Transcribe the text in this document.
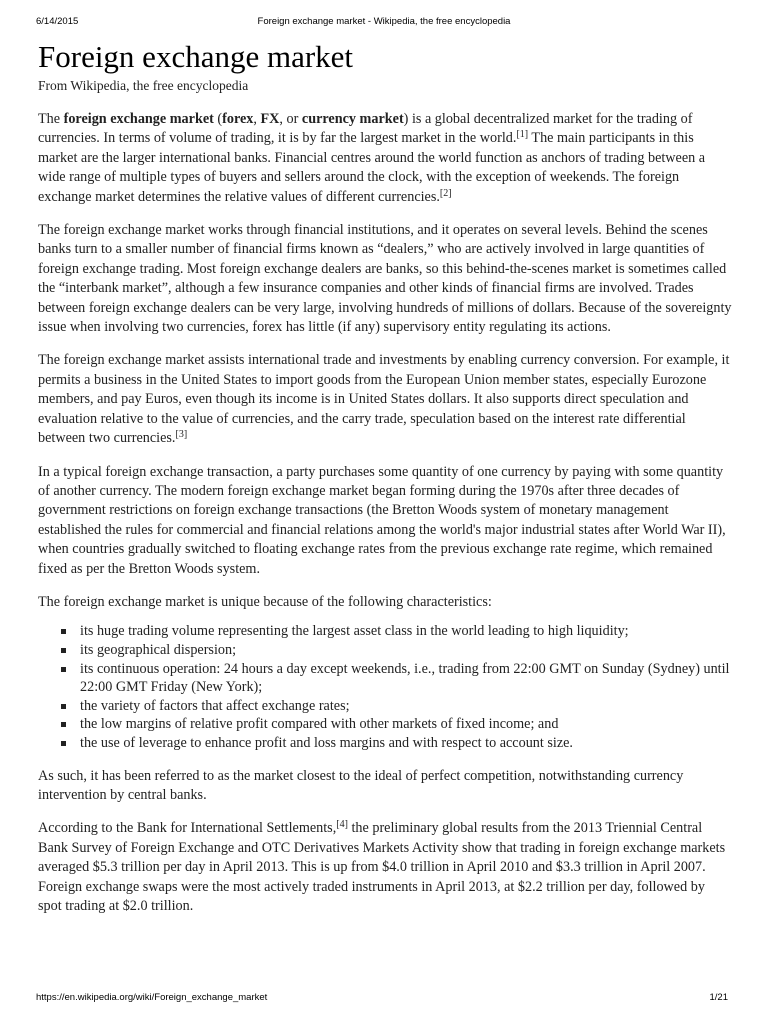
6/14/2015	Foreign exchange market - Wikipedia, the free encyclopedia
Foreign exchange market
From Wikipedia, the free encyclopedia

The foreign exchange market (forex, FX, or currency market) is a global decentralized market for the trading of currencies. In terms of volume of trading, it is by far the largest market in the world.[1] The main participants in this market are the larger international banks. Financial centres around the world function as anchors of trading between a wide range of multiple types of buyers and sellers around the clock, with the exception of weekends. The foreign exchange market determines the relative values of different currencies.[2]

The foreign exchange market works through financial institutions, and it operates on several levels. Behind the scenes banks turn to a smaller number of financial firms known as “dealers,” who are actively involved in large quantities of foreign exchange trading. Most foreign exchange dealers are banks, so this behind-the-scenes market is sometimes called the “interbank market”, although a few insurance companies and other kinds of financial firms are involved. Trades between foreign exchange dealers can be very large, involving hundreds of millions of dollars. Because of the sovereignty issue when involving two currencies, forex has little (if any) supervisory entity regulating its actions.

The foreign exchange market assists international trade and investments by enabling currency conversion. For example, it permits a business in the United States to import goods from the European Union member states, especially Eurozone members, and pay Euros, even though its income is in United States dollars. It also supports direct speculation and evaluation relative to the value of currencies, and the carry trade, speculation based on the interest rate differential between two currencies.[3]

In a typical foreign exchange transaction, a party purchases some quantity of one currency by paying with some quantity of another currency. The modern foreign exchange market began forming during the 1970s after three decades of government restrictions on foreign exchange transactions (the Bretton Woods system of monetary management established the rules for commercial and financial relations among the world's major industrial states after World War II), when countries gradually switched to floating exchange rates from the previous exchange rate regime, which remained fixed as per the Bretton Woods system.

The foreign exchange market is unique because of the following characteristics:

its huge trading volume representing the largest asset class in the world leading to high liquidity;
its geographical dispersion;
its continuous operation: 24 hours a day except weekends, i.e., trading from 22:00 GMT on Sunday (Sydney) until 22:00 GMT Friday (New York);
the variety of factors that affect exchange rates;
the low margins of relative profit compared with other markets of fixed income; and
the use of leverage to enhance profit and loss margins and with respect to account size.

As such, it has been referred to as the market closest to the ideal of perfect competition, notwithstanding currency intervention by central banks.

According to the Bank for International Settlements,[4] the preliminary global results from the 2013 Triennial Central Bank Survey of Foreign Exchange and OTC Derivatives Markets Activity show that trading in foreign exchange markets averaged $5.3 trillion per day in April 2013. This is up from $4.0 trillion in April 2010 and $3.3 trillion in April 2007. Foreign exchange swaps were the most actively traded instruments in April 2013, at $2.2 trillion per day, followed by spot trading at $2.0 trillion.

https://en.wikipedia.org/wiki/Foreign_exchange_market	1/21
